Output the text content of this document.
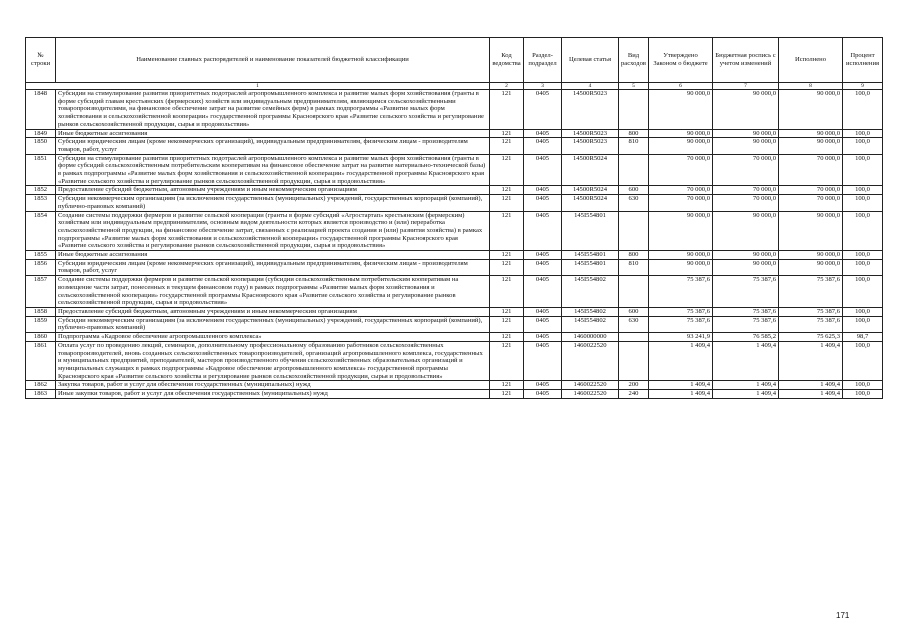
№ строки	Наименование главных распорядителей и наименование показателей бюджетной классификации	Код ведомства	Раздел-подраздел	Целевая статья	Вид расходов	Утверждено Законом о бюджете	Бюджетная роспись с учетом изменений	Исполнено	Процент исполнения
1		2	3	4	5	6	7	8	9
1848	Субсидии на стимулирование развития приоритетных подотраслей агропромышленного комплекса и развитие малых форм хозяйствования (гранты в форме субсидий главам крестьянских (фермерских) хозяйств или индивидуальным предпринимателям, являющимся сельскохозяйственными товаропроизводителями, на финансовое обеспечение затрат на развитие семейных ферм) в рамках подпрограммы «Развитие малых форм хозяйствования и сельскохозяйственной кооперации» государственной программы Красноярского края «Развитие сельского хозяйства и регулирование рынков сельскохозяйственной продукции, сырья и продовольствия»	121	0405	14500R5023		90 000,0	90 000,0	90 000,0	100,0
1849	Иные бюджетные ассигнования	121	0405	14500R5023	800	90 000,0	90 000,0	90 000,0	100,0
1850	Субсидии юридическим лицам (кроме некоммерческих организаций), индивидуальным предпринимателям, физическим лицам - производителям товаров, работ, услуг	121	0405	14500R5023	810	90 000,0	90 000,0	90 000,0	100,0
1851	Субсидии на стимулирование развития приоритетных подотраслей агропромышленного комплекса и развитие малых форм хозяйствования (гранты в форме субсидий сельскохозяйственным потребительским кооперативам на финансовое обеспечение затрат на развитие материально-технической базы) в рамках подпрограммы «Развитие малых форм хозяйствования и сельскохозяйственной кооперации» государственной программы Красноярского края «Развитие сельского хозяйства и регулирование рынков сельскохозяйственной продукции, сырья и продовольствия»	121	0405	14500R5024		70 000,0	70 000,0	70 000,0	100,0
1852	Предоставление субсидий бюджетным, автономным учреждениям и иным некоммерческим организациям	121	0405	14500R5024	600	70 000,0	70 000,0	70 000,0	100,0
1853	Субсидии некоммерческим организациям (за исключением государственных (муниципальных) учреждений, государственных корпораций (компаний), публично-правовых компаний)	121	0405	14500R5024	630	70 000,0	70 000,0	70 000,0	100,0
1854	Создание системы поддержки фермеров и развитие сельской кооперации (гранты в форме субсидий «Агростартап» крестьянским (фермерским) хозяйствам или индивидуальным предпринимателям, основным видом деятельности которых является производство и (или) переработка сельскохозяйственной продукции, на финансовое обеспечение затрат, связанных с реализацией проекта создания и (или) развития хозяйства) в рамках подпрограммы «Развитие малых форм хозяйствования и сельскохозяйственной кооперации» государственной программы Красноярского края «Развитие сельского хозяйства и регулирование рынков сельскохозяйственной продукции, сырья и продовольствия»	121	0405	145I554801		90 000,0	90 000,0	90 000,0	100,0
1855	Иные бюджетные ассигнования	121	0405	145I554801	800	90 000,0	90 000,0	90 000,0	100,0
1856	Субсидии юридическим лицам (кроме некоммерческих организаций), индивидуальным предпринимателям, физическим лицам - производителям товаров, работ, услуг	121	0405	145I554801	810	90 000,0	90 000,0	90 000,0	100,0
1857	Создание системы поддержки фермеров и развитие сельской кооперации (субсидии сельскохозяйственным потребительским кооперативам на возмещение части затрат, понесенных в текущем финансовом году) в рамках подпрограммы «Развитие малых форм хозяйствования и сельскохозяйственной кооперации» государственной программы Красноярского края «Развитие сельского хозяйства и регулирование рынков сельскохозяйственной продукции, сырья и продовольствия»	121	0405	145I554802		75 387,6	75 387,6	75 387,6	100,0
1858	Предоставление субсидий бюджетным, автономным учреждениям и иным некоммерческим организациям	121	0405	145I554802	600	75 387,6	75 387,6	75 387,6	100,0
1859	Субсидии некоммерческим организациям (за исключением государственных (муниципальных) учреждений, государственных корпораций (компаний), публично-правовых компаний)	121	0405	145I554802	630	75 387,6	75 387,6	75 387,6	100,0
1860	Подпрограмма «Кадровое обеспечение агропромышленного комплекса»	121	0405	1460000000		93 241,9	76 585,2	75 625,3	98,7
1861	Оплата услуг по проведению лекций, семинаров, дополнительному профессиональному образованию работников сельскохозяйственных товаропроизводителей, вновь созданных сельскохозяйственных товаропроизводителей, организаций агропромышленного комплекса, государственных и муниципальных предприятий, преподавателей, мастеров производственного обучения сельскохозяйственных образовательных организаций и муниципальных служащих в рамках подпрограммы «Кадровое обеспечение агропромышленного комплекса» государственной программы Красноярского края «Развитие сельского хозяйства и регулирование рынков сельскохозяйственной продукции, сырья и продовольствия»	121	0405	1460022520		1 409,4	1 409,4	1 409,4	100,0
1862	Закупка товаров, работ и услуг для обеспечения государственных (муниципальных) нужд	121	0405	1460022520	200	1 409,4	1 409,4	1 409,4	100,0
1863	Иные закупки товаров, работ и услуг для обеспечения государственных (муниципальных) нужд	121	0405	1460022520	240	1 409,4	1 409,4	1 409,4	100,0
171
